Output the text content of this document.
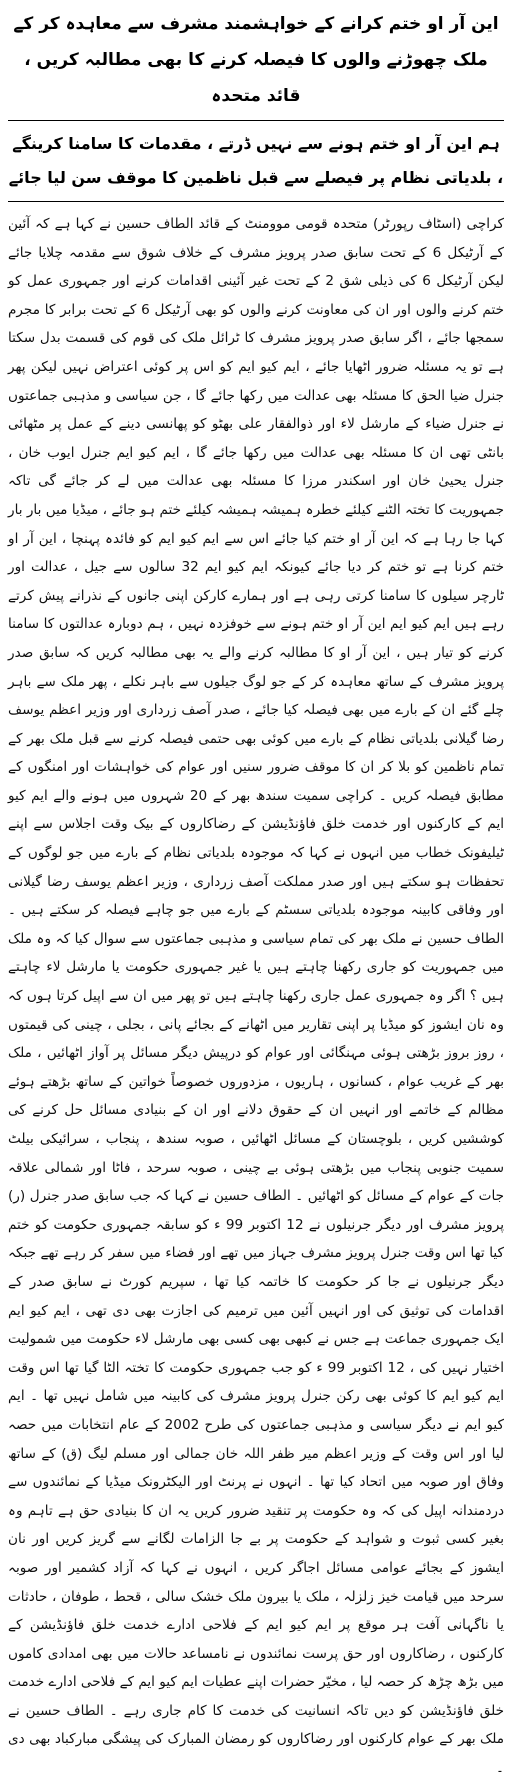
این آر او ختم کرانے کے خواہشمند مشرف سے معاہدہ کر کے ملک چھوڑنے والوں کا فیصلہ کرنے کا بھی مطالبہ کریں ، قائد متحدہ
ہم این آر او ختم ہونے سے نہیں ڈرتے ، مقدمات کا سامنا کرینگے ، بلدیاتی نظام پر فیصلے سے قبل ناظمین کا موقف سن لیا جائے

کراچی (اسٹاف رپورٹر) متحدہ قومی موومنٹ کے قائد الطاف حسین نے کہا ہے کہ آئین کے آرٹیکل 6 کے تحت سابق صدر پرویز مشرف کے خلاف شوق سے مقدمہ چلایا جائے لیکن آرٹیکل 6 کی ذیلی شق 2 کے تحت غیر آئینی اقدامات کرنے اور جمہوری عمل کو ختم کرنے والوں اور ان کی معاونت کرنے والوں کو بھی آرٹیکل 6 کے تحت برابر کا مجرم سمجھا جائے ، اگر سابق صدر پرویز مشرف کا ٹرائل ملک کی قوم کی قسمت بدل سکتا ہے تو یہ مسئلہ ضرور اٹھایا جائے ، ایم کیو ایم کو اس پر کوئی اعتراض نہیں لیکن پھر جنرل ضیا الحق کا مسئلہ بھی عدالت میں رکھا جائے گا ، جن سیاسی و مذہبی جماعتوں نے جنرل ضیاء کے مارشل لاء اور ذوالفقار علی بھٹو کو پھانسی دینے کے عمل پر مٹھائی بانٹی تھی ان کا مسئلہ بھی عدالت میں رکھا جائے گا ، ایم کیو ایم جنرل ایوب خان ، جنرل یحییٰ خان اور اسکندر مرزا کا مسئلہ بھی عدالت میں لے کر جائے گی تاکہ جمہوریت کا تختہ الٹنے کیلئے خطرہ ہمیشہ ہمیشہ کیلئے ختم ہو جائے ، میڈیا میں بار بار کہا جا رہا ہے کہ این آر او ختم کیا جائے اس سے ایم کیو ایم کو فائدہ پہنچا ، این آر او ختم کرنا ہے تو ختم کر دیا جائے کیونکہ ایم کیو ایم 32 سالوں سے جیل ، عدالت اور ٹارچر سیلوں کا سامنا کرتی رہی ہے اور ہمارے کارکن اپنی جانوں کے نذرانے پیش کرتے رہے ہیں ایم کیو ایم این آر او ختم ہونے سے خوفزدہ نہیں ، ہم دوبارہ عدالتوں کا سامنا کرنے کو تیار ہیں ، این آر او کا مطالبہ کرنے والے یہ بھی مطالبہ کریں کہ سابق صدر پرویز مشرف کے ساتھ معاہدہ کر کے جو لوگ جیلوں سے باہر نکلے ، پھر ملک سے باہر چلے گئے ان کے بارے میں بھی فیصلہ کیا جائے ، صدر آصف زرداری اور وزیر اعظم یوسف رضا گیلانی بلدیاتی نظام کے بارے میں کوئی بھی حتمی فیصلہ کرنے سے قبل ملک بھر کے تمام ناظمین کو بلا کر ان کا موقف ضرور سنیں اور عوام کی خواہشات اور امنگوں کے مطابق فیصلہ کریں ۔ کراچی سمیت سندھ بھر کے 20 شہروں میں ہونے والے ایم کیو ایم کے کارکنوں اور خدمت خلق فاؤنڈیشن کے رضاکاروں کے بیک وقت اجلاس سے اپنے ٹیلیفونک خطاب میں انہوں نے کہا کہ موجودہ بلدیاتی نظام کے بارے میں جو لوگوں کے تحفظات ہو سکتے ہیں اور صدر مملکت آصف زرداری ، وزیر اعظم یوسف رضا گیلانی اور وفاقی کابینہ موجودہ بلدیاتی سسٹم کے بارے میں جو چاہے فیصلہ کر سکتے ہیں ۔ الطاف حسین نے ملک بھر کی تمام سیاسی و مذہبی جماعتوں سے سوال کیا کہ وہ ملک میں جمہوریت کو جاری رکھنا چاہتے ہیں یا غیر جمہوری حکومت یا مارشل لاء چاہتے ہیں ؟ اگر وہ جمہوری عمل جاری رکھنا چاہتے ہیں تو پھر میں ان سے اپیل کرتا ہوں کہ وہ نان ایشوز کو میڈیا پر اپنی تقاریر میں اٹھانے کے بجائے پانی ، بجلی ، چینی کی قیمتوں ، روز بروز بڑھتی ہوئی مہنگائی اور عوام کو درپیش دیگر مسائل پر آواز اٹھائیں ، ملک بھر کے غریب عوام ، کسانوں ، ہاریوں ، مزدوروں خصوصاً خواتین کے ساتھ بڑھتے ہوئے مظالم کے خاتمے اور انہیں ان کے حقوق دلانے اور ان کے بنیادی مسائل حل کرنے کی کوششیں کریں ، بلوچستان کے مسائل اٹھائیں ، صوبہ سندھ ، پنجاب ، سرائیکی بیلٹ سمیت جنوبی پنجاب میں بڑھتی ہوئی بے چینی ، صوبہ سرحد ، فاٹا اور شمالی علاقہ جات کے عوام کے مسائل کو اٹھائیں ۔ الطاف حسین نے کہا کہ جب سابق صدر جنرل (ر) پرویز مشرف اور دیگر جرنیلوں نے 12 اکتوبر 99 ء کو سابقہ جمہوری حکومت کو ختم کیا تھا اس وقت جنرل پرویز مشرف جہاز میں تھے اور فضاء میں سفر کر رہے تھے جبکہ دیگر جرنیلوں نے جا کر حکومت کا خاتمہ کیا تھا ، سپریم کورٹ نے سابق صدر کے اقدامات کی توثیق کی اور انہیں آئین میں ترمیم کی اجازت بھی دی تھی ، ایم کیو ایم ایک جمہوری جماعت ہے جس نے کبھی بھی کسی بھی مارشل لاء حکومت میں شمولیت اختیار نہیں کی ، 12 اکتوبر 99 ء کو جب جمہوری حکومت کا تختہ الٹا گیا تھا اس وقت ایم کیو ایم کا کوئی بھی رکن جنرل پرویز مشرف کی کابینہ میں شامل نہیں تھا ۔ ایم کیو ایم نے دیگر سیاسی و مذہبی جماعتوں کی طرح 2002 کے عام انتخابات میں حصہ لیا اور اس وقت کے وزیر اعظم میر ظفر اللہ خان جمالی اور مسلم لیگ (ق) کے ساتھ وفاق اور صوبہ میں اتحاد کیا تھا ۔ انہوں نے پرنٹ اور الیکٹرونک میڈیا کے نمائندوں سے دردمندانہ اپیل کی کہ وہ حکومت پر تنقید ضرور کریں یہ ان کا بنیادی حق ہے تاہم وہ بغیر کسی ثبوت و شواہد کے حکومت پر بے جا الزامات لگانے سے گریز کریں اور نان ایشوز کے بجائے عوامی مسائل اجاگر کریں ، انہوں نے کہا کہ آزاد کشمیر اور صوبہ سرحد میں قیامت خیز زلزلہ ، ملک یا بیرون ملک خشک سالی ، قحط ، طوفان ، حادثات یا ناگہانی آفت ہر موقع پر ایم کیو ایم کے فلاحی ادارے خدمت خلق فاؤنڈیشن کے کارکنوں ، رضاکاروں اور حق پرست نمائندوں نے نامساعد حالات میں بھی امدادی کاموں میں بڑھ چڑھ کر حصہ لیا ، مخیّر حضرات اپنے عطیات ایم کیو ایم کے فلاحی ادارے خدمت خلق فاؤنڈیشن کو دیں تاکہ انسانیت کی خدمت کا کام جاری رہے ۔ الطاف حسین نے ملک بھر کے عوام کارکنوں اور رضاکاروں کو رمضان المبارک کی پیشگی مبارکباد بھی دی ۔
